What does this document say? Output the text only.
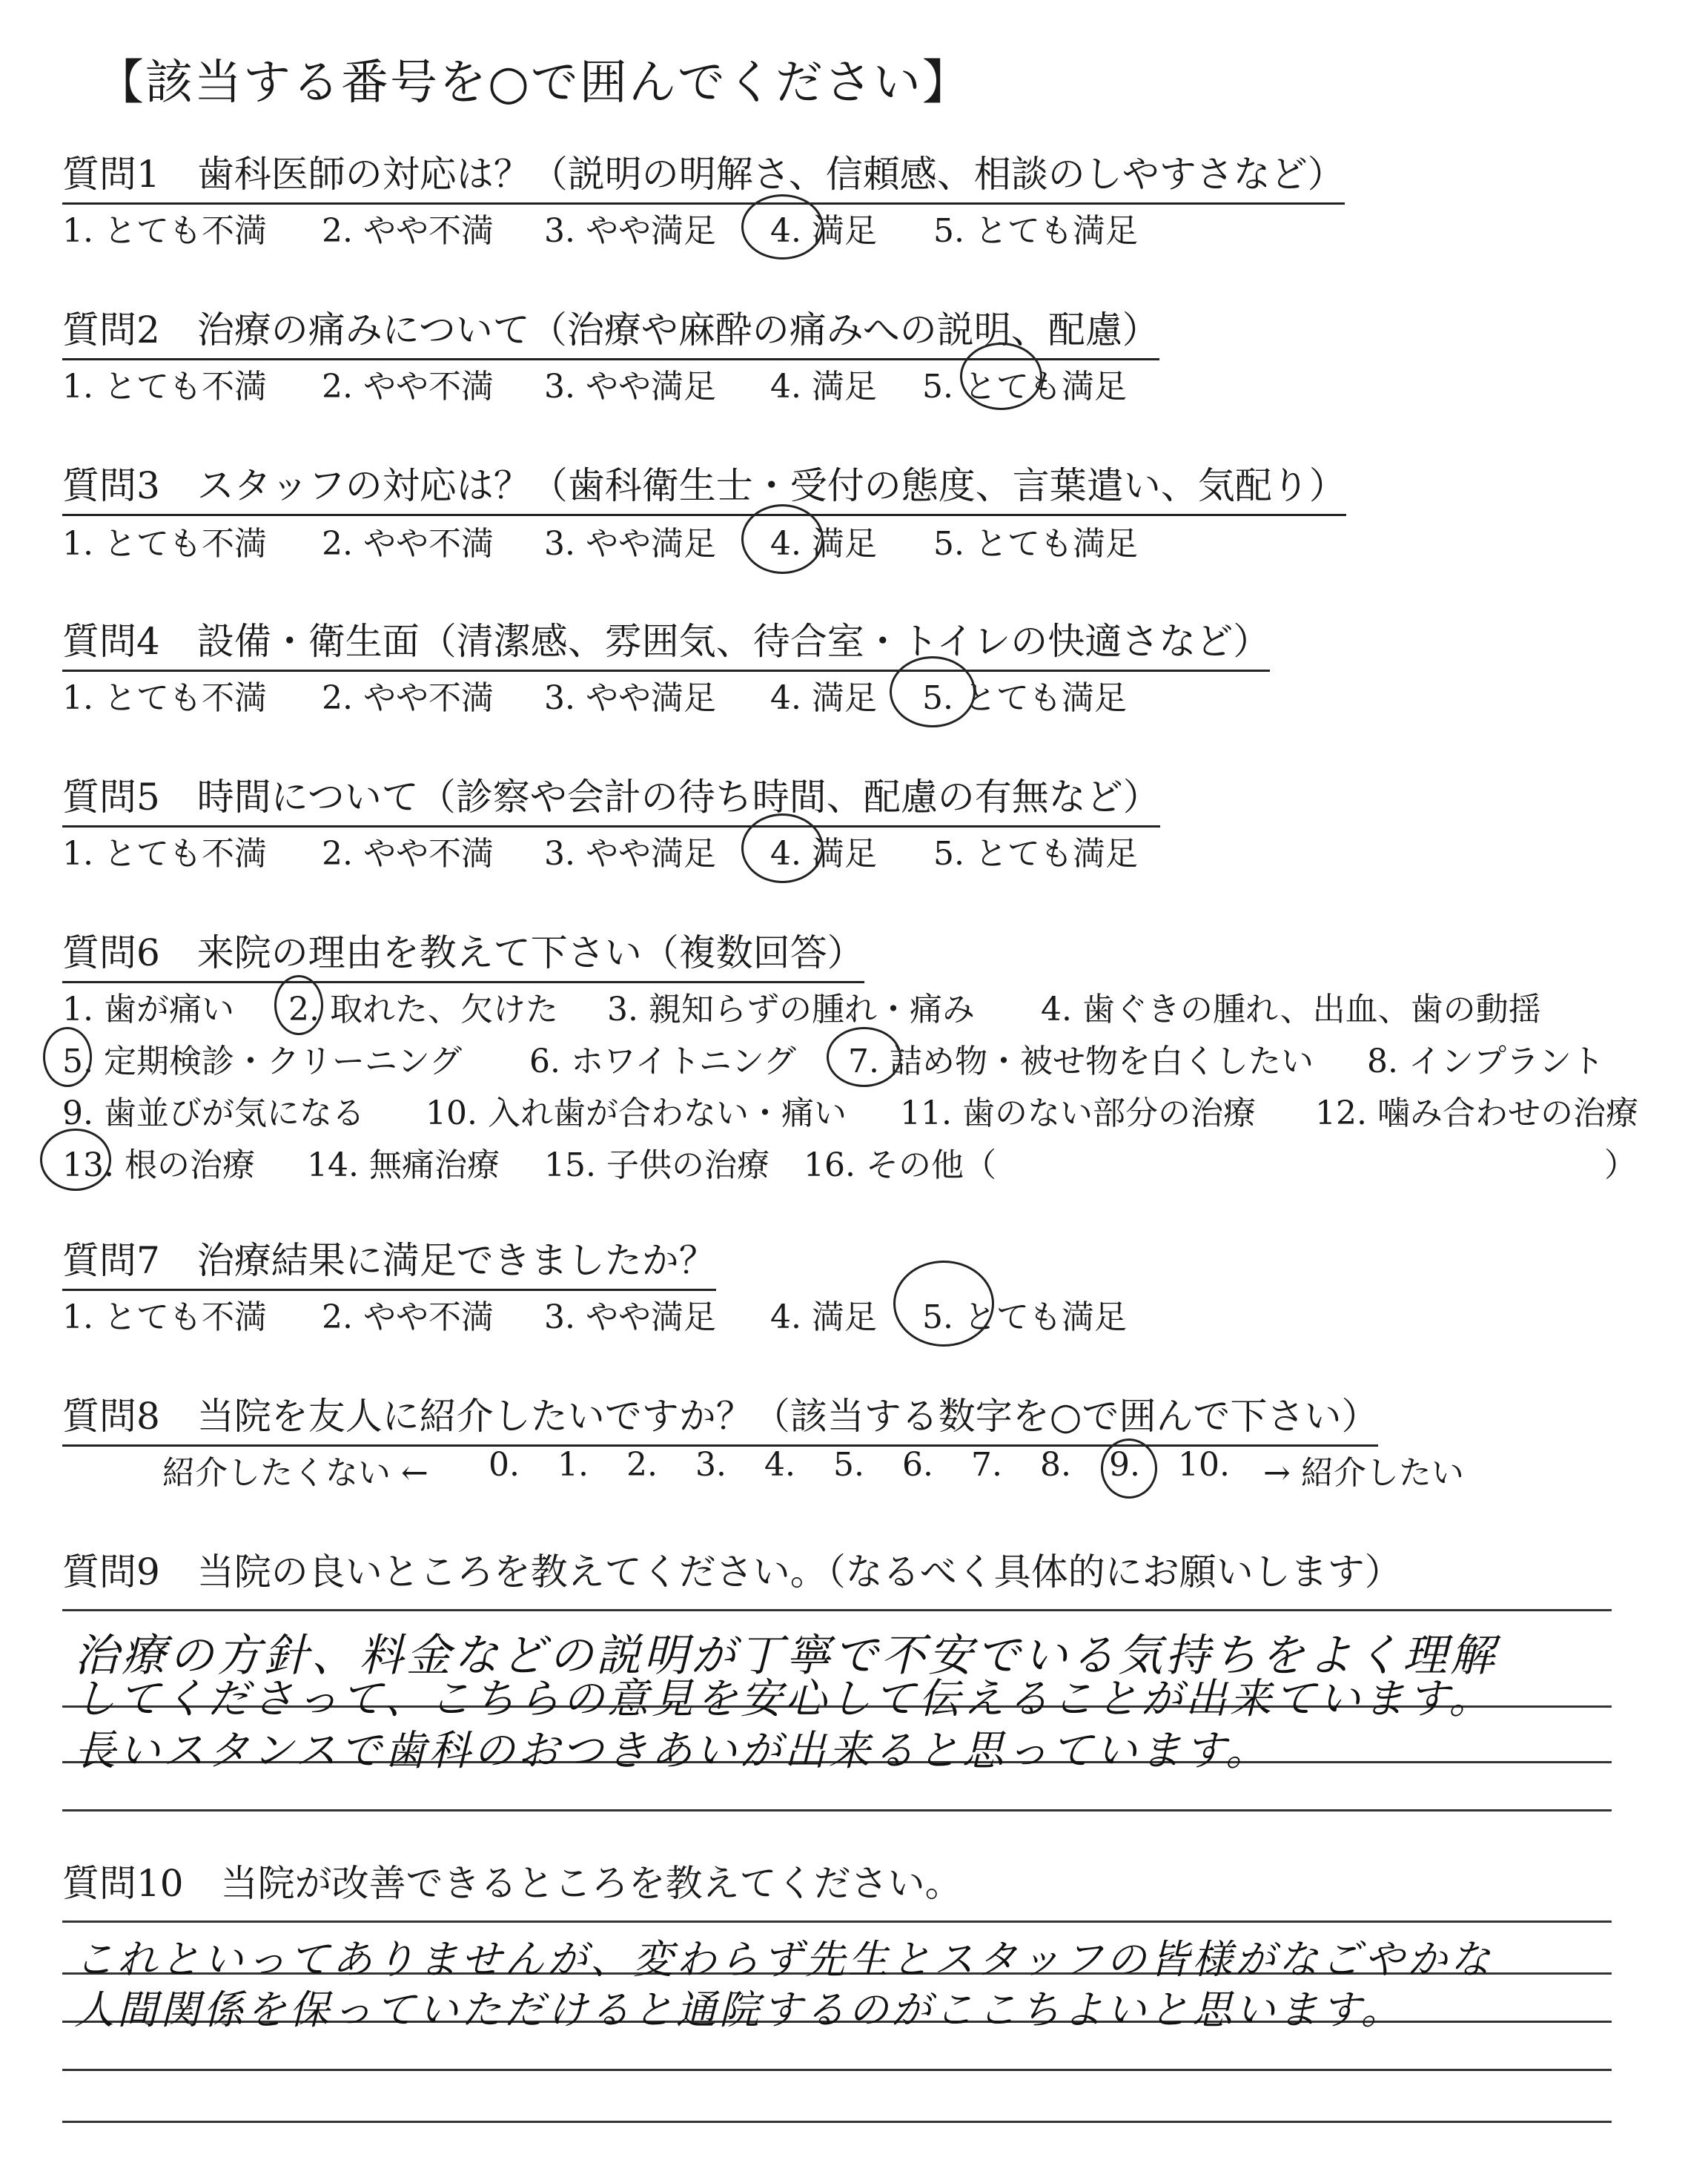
【該当する番号を○で囲んでください】
質問1　歯科医師の対応は？（説明の明解さ、信頼感、相談のしやすさなど）
1. とても不満 2. やや不満 3. やや満足 4. 満足 5. とても満足
質問2　治療の痛みについて（治療や麻酔の痛みへの説明、配慮）
1. とても不満 2. やや不満 3. やや満足 4. 満足 5. とても満足
質問3　スタッフの対応は？（歯科衛生士・受付の態度、言葉遣い、気配り）
1. とても不満 2. やや不満 3. やや満足 4. 満足 5. とても満足
質問4　設備・衛生面（清潔感、雰囲気、待合室・トイレの快適さなど）
1. とても不満 2. やや不満 3. やや満足 4. 満足 5. とても満足
質問5　時間について（診察や会計の待ち時間、配慮の有無など）
1. とても不満 2. やや不満 3. やや満足 4. 満足 5. とても満足
質問6　来院の理由を教えて下さい（複数回答）
1. 歯が痛い 2. 取れた、欠けた 3. 親知らずの腫れ・痛み 4. 歯ぐきの腫れ、出血、歯の動揺
5. 定期検診・クリーニング 6. ホワイトニング 7. 詰め物・被せ物を白くしたい 8. インプラント
9. 歯並びが気になる 10. 入れ歯が合わない・痛い 11. 歯のない部分の治療 12. 噛み合わせの治療
13. 根の治療 14. 無痛治療 15. 子供の治療 16. その他（	）
質問7　治療結果に満足できましたか？
1. とても不満 2. やや不満 3. やや満足 4. 満足 5. とても満足
質問8　当院を友人に紹介したいですか？（該当する数字を○で囲んで下さい）
紹介したくない ← 0. 1. 2. 3. 4. 5. 6. 7. 8. 9. 10. → 紹介したい
質問9　当院の良いところを教えてください。（なるべく具体的にお願いします）
治療の方針、料金などの説明が丁寧で不安でいる気持ちをよく理解
してくださって、こちらの意見を安心して伝えることが出来ています。
長いスタンスで歯科のおつきあいが出来ると思っています。
質問10　当院が改善できるところを教えてください。
これといってありませんが、変わらず先生とスタッフの皆様がなごやかな
人間関係を保っていただけると通院するのがここちよいと思います。
